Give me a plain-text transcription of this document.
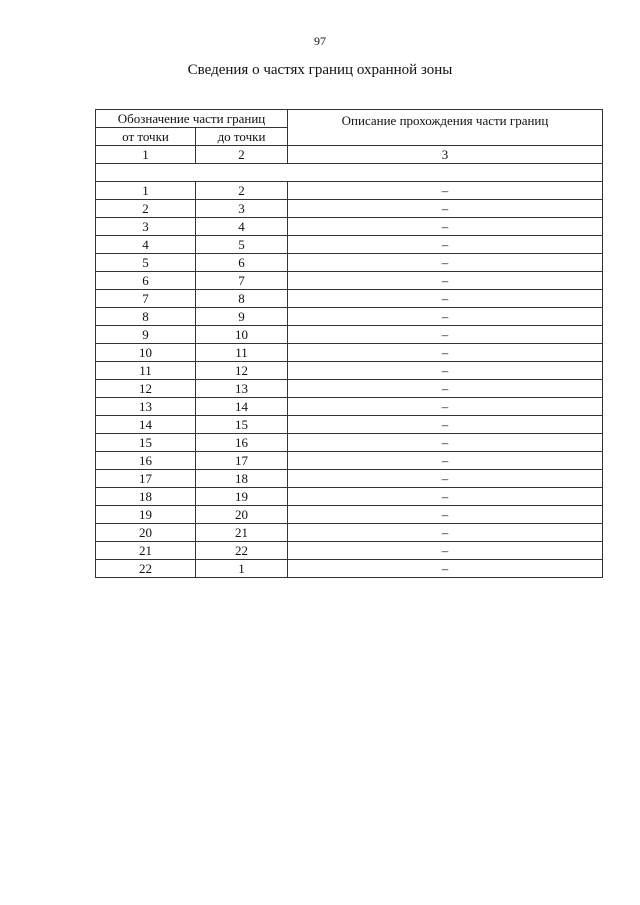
97
Сведения о частях границ охранной зоны
Обозначение части границ		Описание прохождения части границ
от точки	до точки	
1	2	3

1	2	–
2	3	–
3	4	–
4	5	–
5	6	–
6	7	–
7	8	–
8	9	–
9	10	–
10	11	–
11	12	–
12	13	–
13	14	–
14	15	–
15	16	–
16	17	–
17	18	–
18	19	–
19	20	–
20	21	–
21	22	–
22	1	–
